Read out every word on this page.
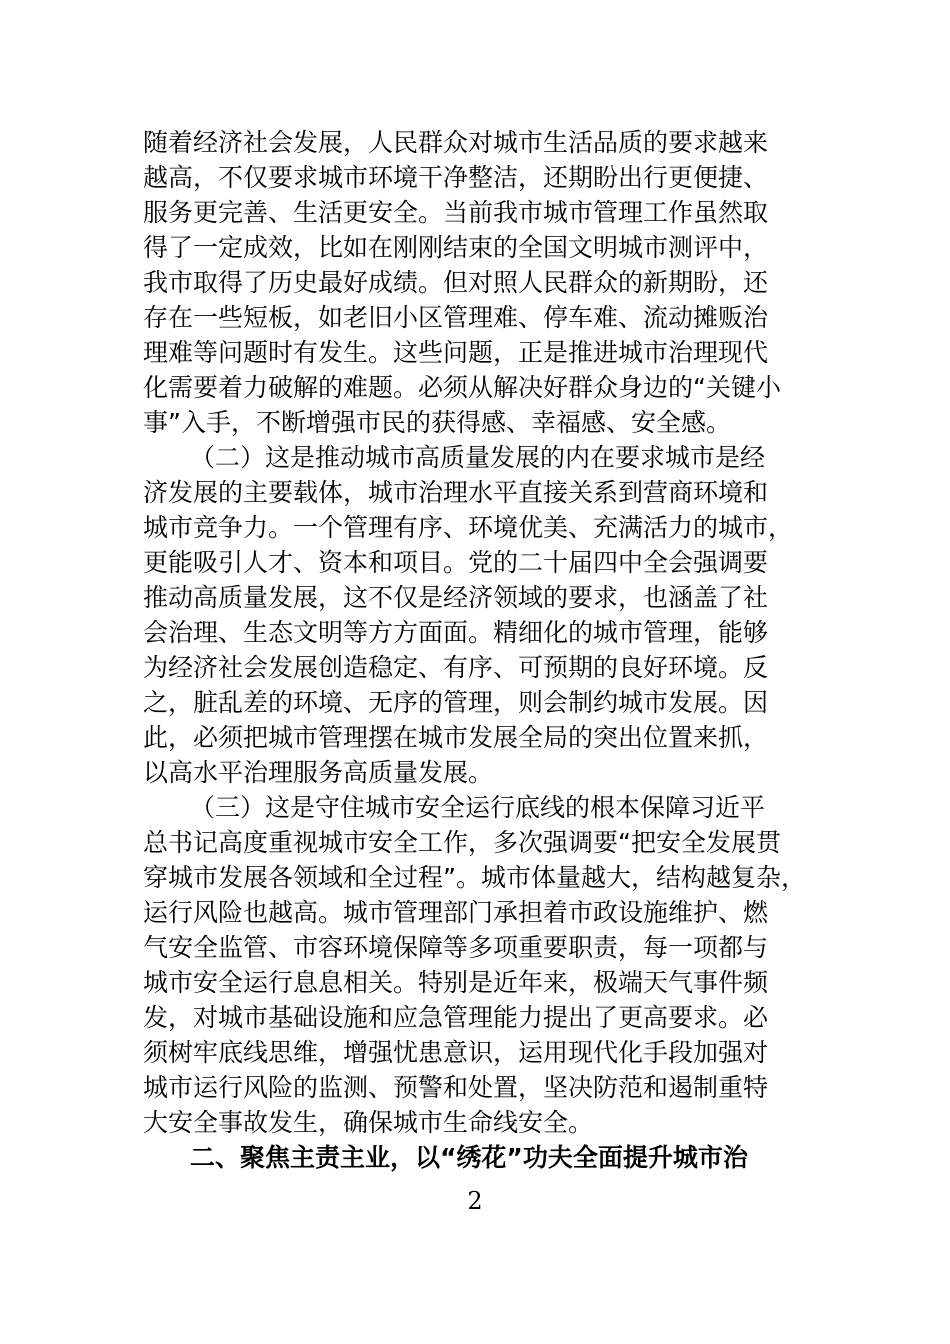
随着经济社会发展，人民群众对城市生活品质的要求越来
越高，不仅要求城市环境干净整洁，还期盼出行更便捷、
服务更完善、生活更安全。当前我市城市管理工作虽然取
得了一定成效，比如在刚刚结束的全国文明城市测评中，
我市取得了历史最好成绩。但对照人民群众的新期盼，还
存在一些短板，如老旧小区管理难、停车难、流动摊贩治
理难等问题时有发生。这些问题，正是推进城市治理现代
化需要着力破解的难题。必须从解决好群众身边的“关键小
事”入手，不断增强市民的获得感、幸福感、安全感。
（二）这是推动城市高质量发展的内在要求城市是经
济发展的主要载体，城市治理水平直接关系到营商环境和
城市竞争力。一个管理有序、环境优美、充满活力的城市，
更能吸引人才、资本和项目。党的二十届四中全会强调要
推动高质量发展，这不仅是经济领域的要求，也涵盖了社
会治理、生态文明等方方面面。精细化的城市管理，能够
为经济社会发展创造稳定、有序、可预期的良好环境。反
之，脏乱差的环境、无序的管理，则会制约城市发展。因
此，必须把城市管理摆在城市发展全局的突出位置来抓，
以高水平治理服务高质量发展。
（三）这是守住城市安全运行底线的根本保障习近平
总书记高度重视城市安全工作，多次强调要“把安全发展贯
穿城市发展各领域和全过程”。城市体量越大，结构越复杂，
运行风险也越高。城市管理部门承担着市政设施维护、燃
气安全监管、市容环境保障等多项重要职责，每一项都与
城市安全运行息息相关。特别是近年来，极端天气事件频
发，对城市基础设施和应急管理能力提出了更高要求。必
须树牢底线思维，增强忧患意识，运用现代化手段加强对
城市运行风险的监测、预警和处置，坚决防范和遏制重特
大安全事故发生，确保城市生命线安全。
二、聚焦主责主业，以“绣花”功夫全面提升城市治
2
